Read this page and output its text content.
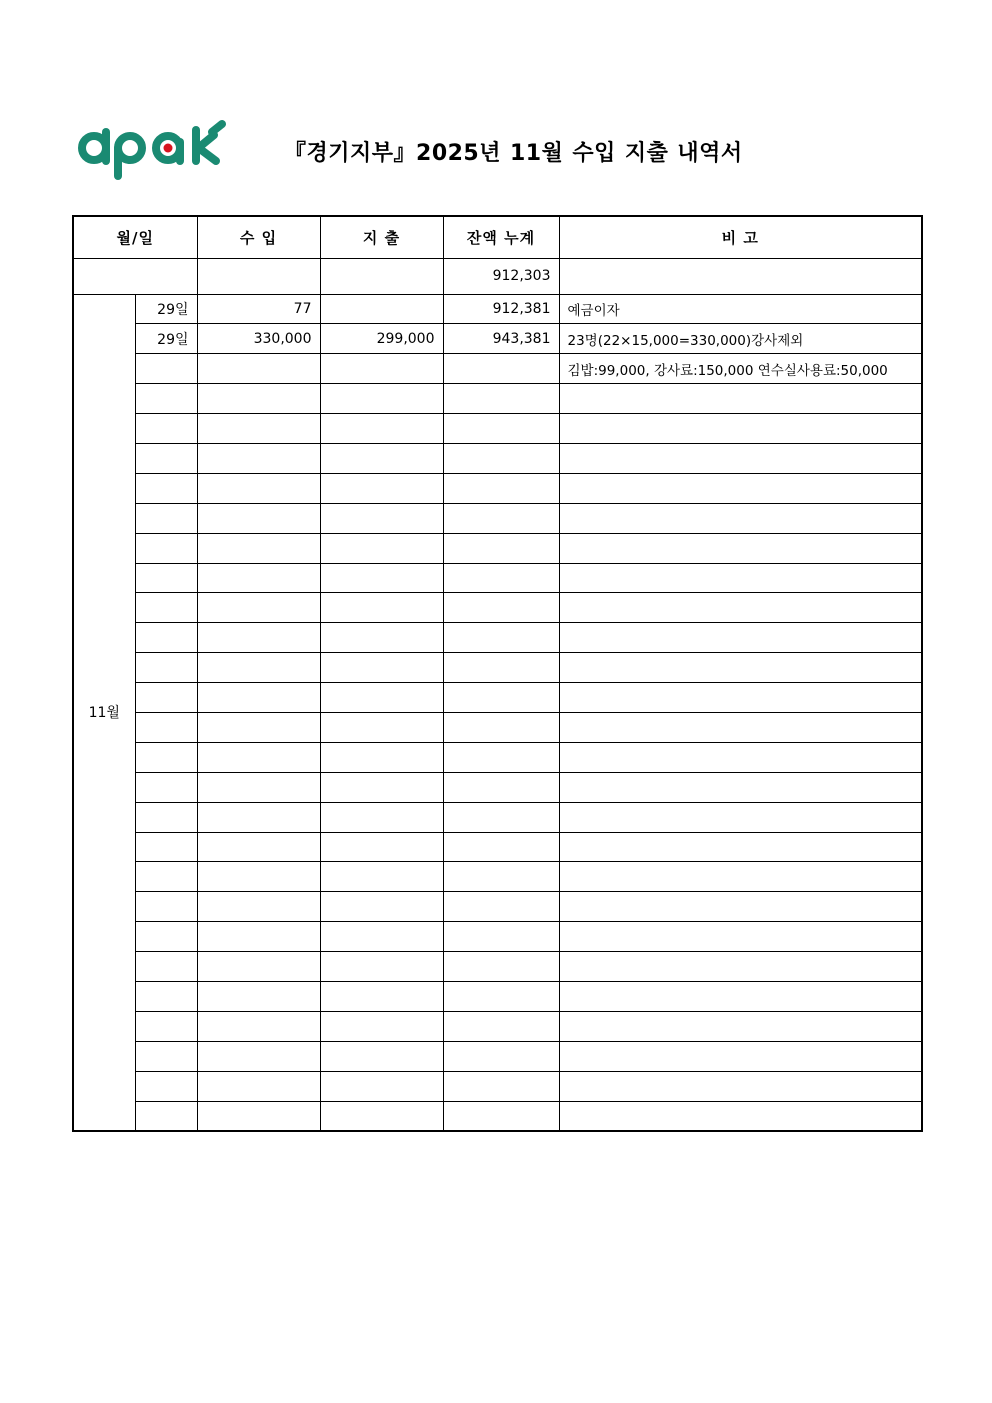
『경기지부』2025년 11월 수입 지출 내역서
월/일		수 입	지 출	잔액 누계	비 고
				912,303	
11월	29일	77		912,381	예금이자
	29일	330,000	299,000	943,381	23명(22×15,000=330,000)강사제외
					김밥:99,000, 강사료:150,000 연수실사용료:50,000
